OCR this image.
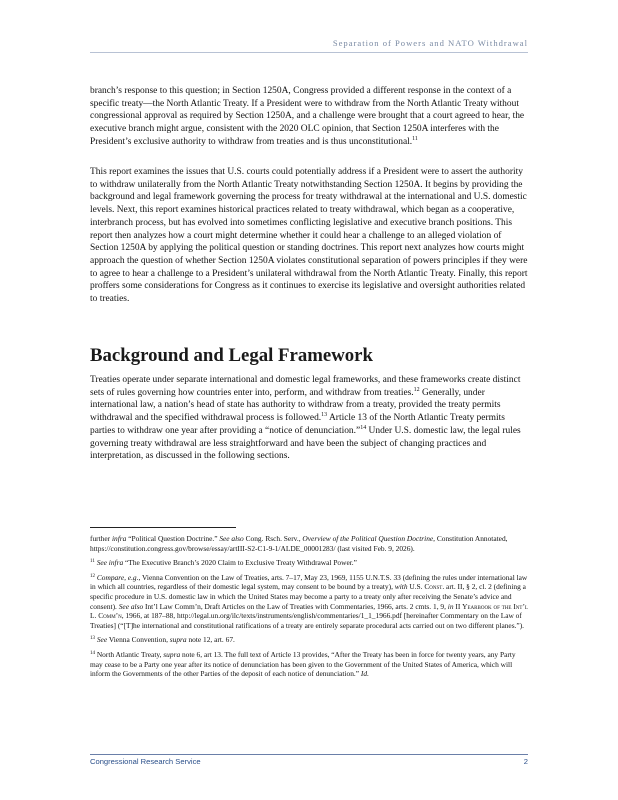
Separation of Powers and NATO Withdrawal

branch’s response to this question; in Section 1250A, Congress provided a different response in the context of a specific treaty—the North Atlantic Treaty. If a President were to withdraw from the North Atlantic Treaty without congressional approval as required by Section 1250A, and a challenge were brought that a court agreed to hear, the executive branch might argue, consistent with the 2020 OLC opinion, that Section 1250A interferes with the President’s exclusive authority to withdraw from treaties and is thus unconstitutional.$^{11}$

This report examines the issues that U.S. courts could potentially address if a President were to assert the authority to withdraw unilaterally from the North Atlantic Treaty notwithstanding Section 1250A. It begins by providing the background and legal framework governing the process for treaty withdrawal at the international and U.S. domestic levels. Next, this report examines historical practices related to treaty withdrawal, which began as a cooperative, interbranch process, but has evolved into sometimes conflicting legislative and executive branch positions. This report then analyzes how a court might determine whether it could hear a challenge to an alleged violation of Section 1250A by applying the political question or standing doctrines. This report next analyzes how courts might approach the question of whether Section 1250A violates constitutional separation of powers principles if they were to agree to hear a challenge to a President’s unilateral withdrawal from the North Atlantic Treaty. Finally, this report proffers some considerations for Congress as it continues to exercise its legislative and oversight authorities related to treaties.

Background and Legal Framework

Treaties operate under separate international and domestic legal frameworks, and these frameworks create distinct sets of rules governing how countries enter into, perform, and withdraw from treaties.$^{12}$ Generally, under international law, a nation’s head of state has authority to withdraw from a treaty, provided the treaty permits withdrawal and the specified withdrawal process is followed.$^{13}$ Article 13 of the North Atlantic Treaty permits parties to withdraw one year after providing a “notice of denunciation.”$^{14}$ Under U.S. domestic law, the legal rules governing treaty withdrawal are less straightforward and have been the subject of changing practices and interpretation, as discussed in the following sections.

further infra “Political Question Doctrine.” See also Cong. Rsch. Serv., Overview of the Political Question Doctrine, Constitution Annotated, https://constitution.congress.gov/browse/essay/artIII-S2-C1-9-1/ALDE_00001283/ (last visited Feb. 9, 2026).

$^{11}$ See infra “The Executive Branch’s 2020 Claim to Exclusive Treaty Withdrawal Power.”

$^{12}$ Compare, e.g., Vienna Convention on the Law of Treaties, arts. 7–17, May 23, 1969, 1155 U.N.T.S. 33 (defining the rules under international law in which all countries, regardless of their domestic legal system, may consent to be bound by a treaty), with U.S. Const. art. II, § 2, cl. 2 (defining a specific procedure in U.S. domestic law in which the United States may become a party to a treaty only after receiving the Senate’s advice and consent). See also Int’l Law Comm’n, Draft Articles on the Law of Treaties with Commentaries, 1966, arts. 2 cmts. 1, 9, in II Yearbook of the Int’l L. Comm’n, 1966, at 187–88, http://legal.un.org/ilc/texts/instruments/english/commentaries/1_1_1966.pdf [hereinafter Commentary on the Law of Treaties] (“[T]he international and constitutional ratifications of a treaty are entirely separate procedural acts carried out on two different planes.”).

$^{13}$ See Vienna Convention, supra note 12, art. 67.

$^{14}$ North Atlantic Treaty, supra note 6, art 13. The full text of Article 13 provides, “After the Treaty has been in force for twenty years, any Party may cease to be a Party one year after its notice of denunciation has been given to the Government of the United States of America, which will inform the Governments of the other Parties of the deposit of each notice of denunciation.” Id.

Congressional Research Service	2
